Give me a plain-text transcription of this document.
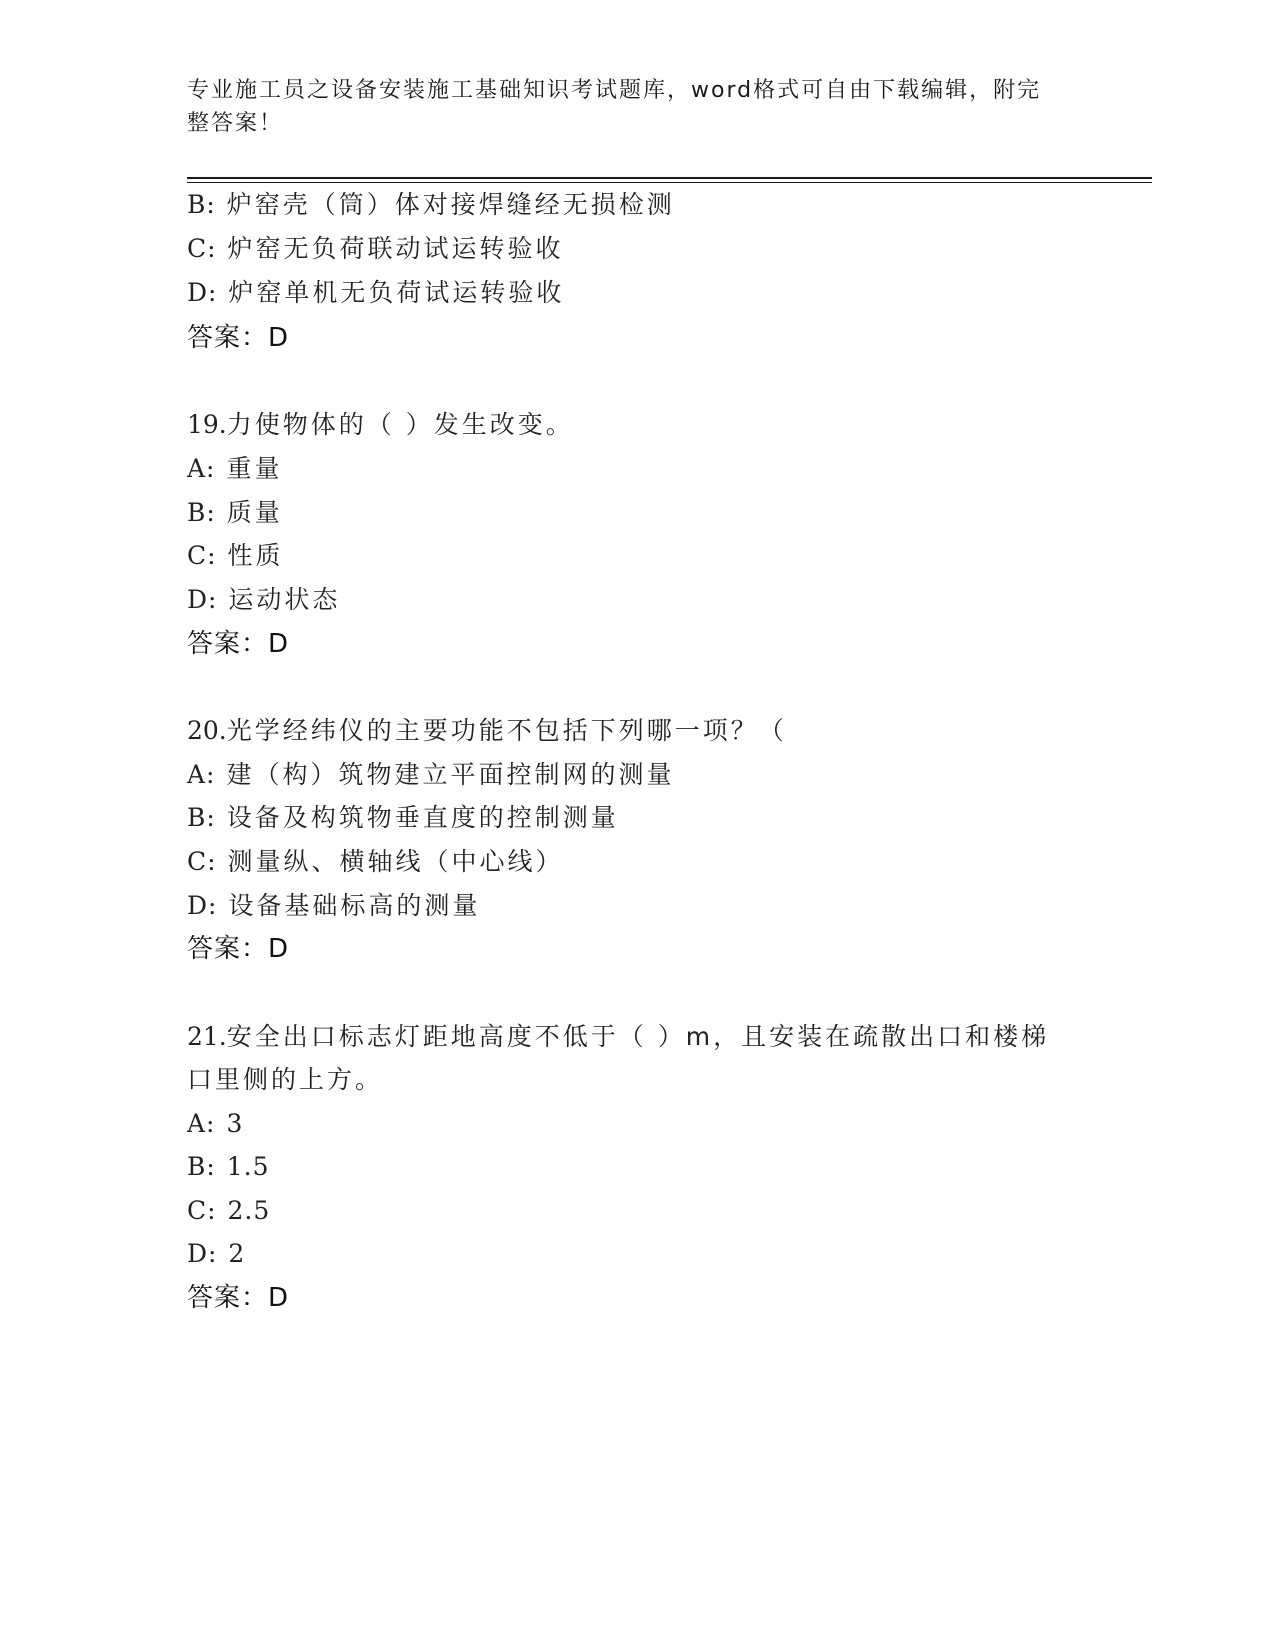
专业施工员之设备安装施工基础知识考试题库，word格式可自由下载编辑，附完
整答案！
B: 炉窑壳（筒）体对接焊缝经无损检测
C: 炉窑无负荷联动试运转验收
D: 炉窑单机无负荷试运转验收
答案：D
19.力使物体的（ ）发生改变。
A: 重量
B: 质量
C: 性质
D: 运动状态
答案：D
20.光学经纬仪的主要功能不包括下列哪一项？（
A: 建（构）筑物建立平面控制网的测量
B: 设备及构筑物垂直度的控制测量
C: 测量纵、横轴线（中心线）
D: 设备基础标高的测量
答案：D
21.安全出口标志灯距地高度不低于（ ）m，且安装在疏散出口和楼梯
口里侧的上方。
A: 3
B: 1.5
C: 2.5
D: 2
答案：D
